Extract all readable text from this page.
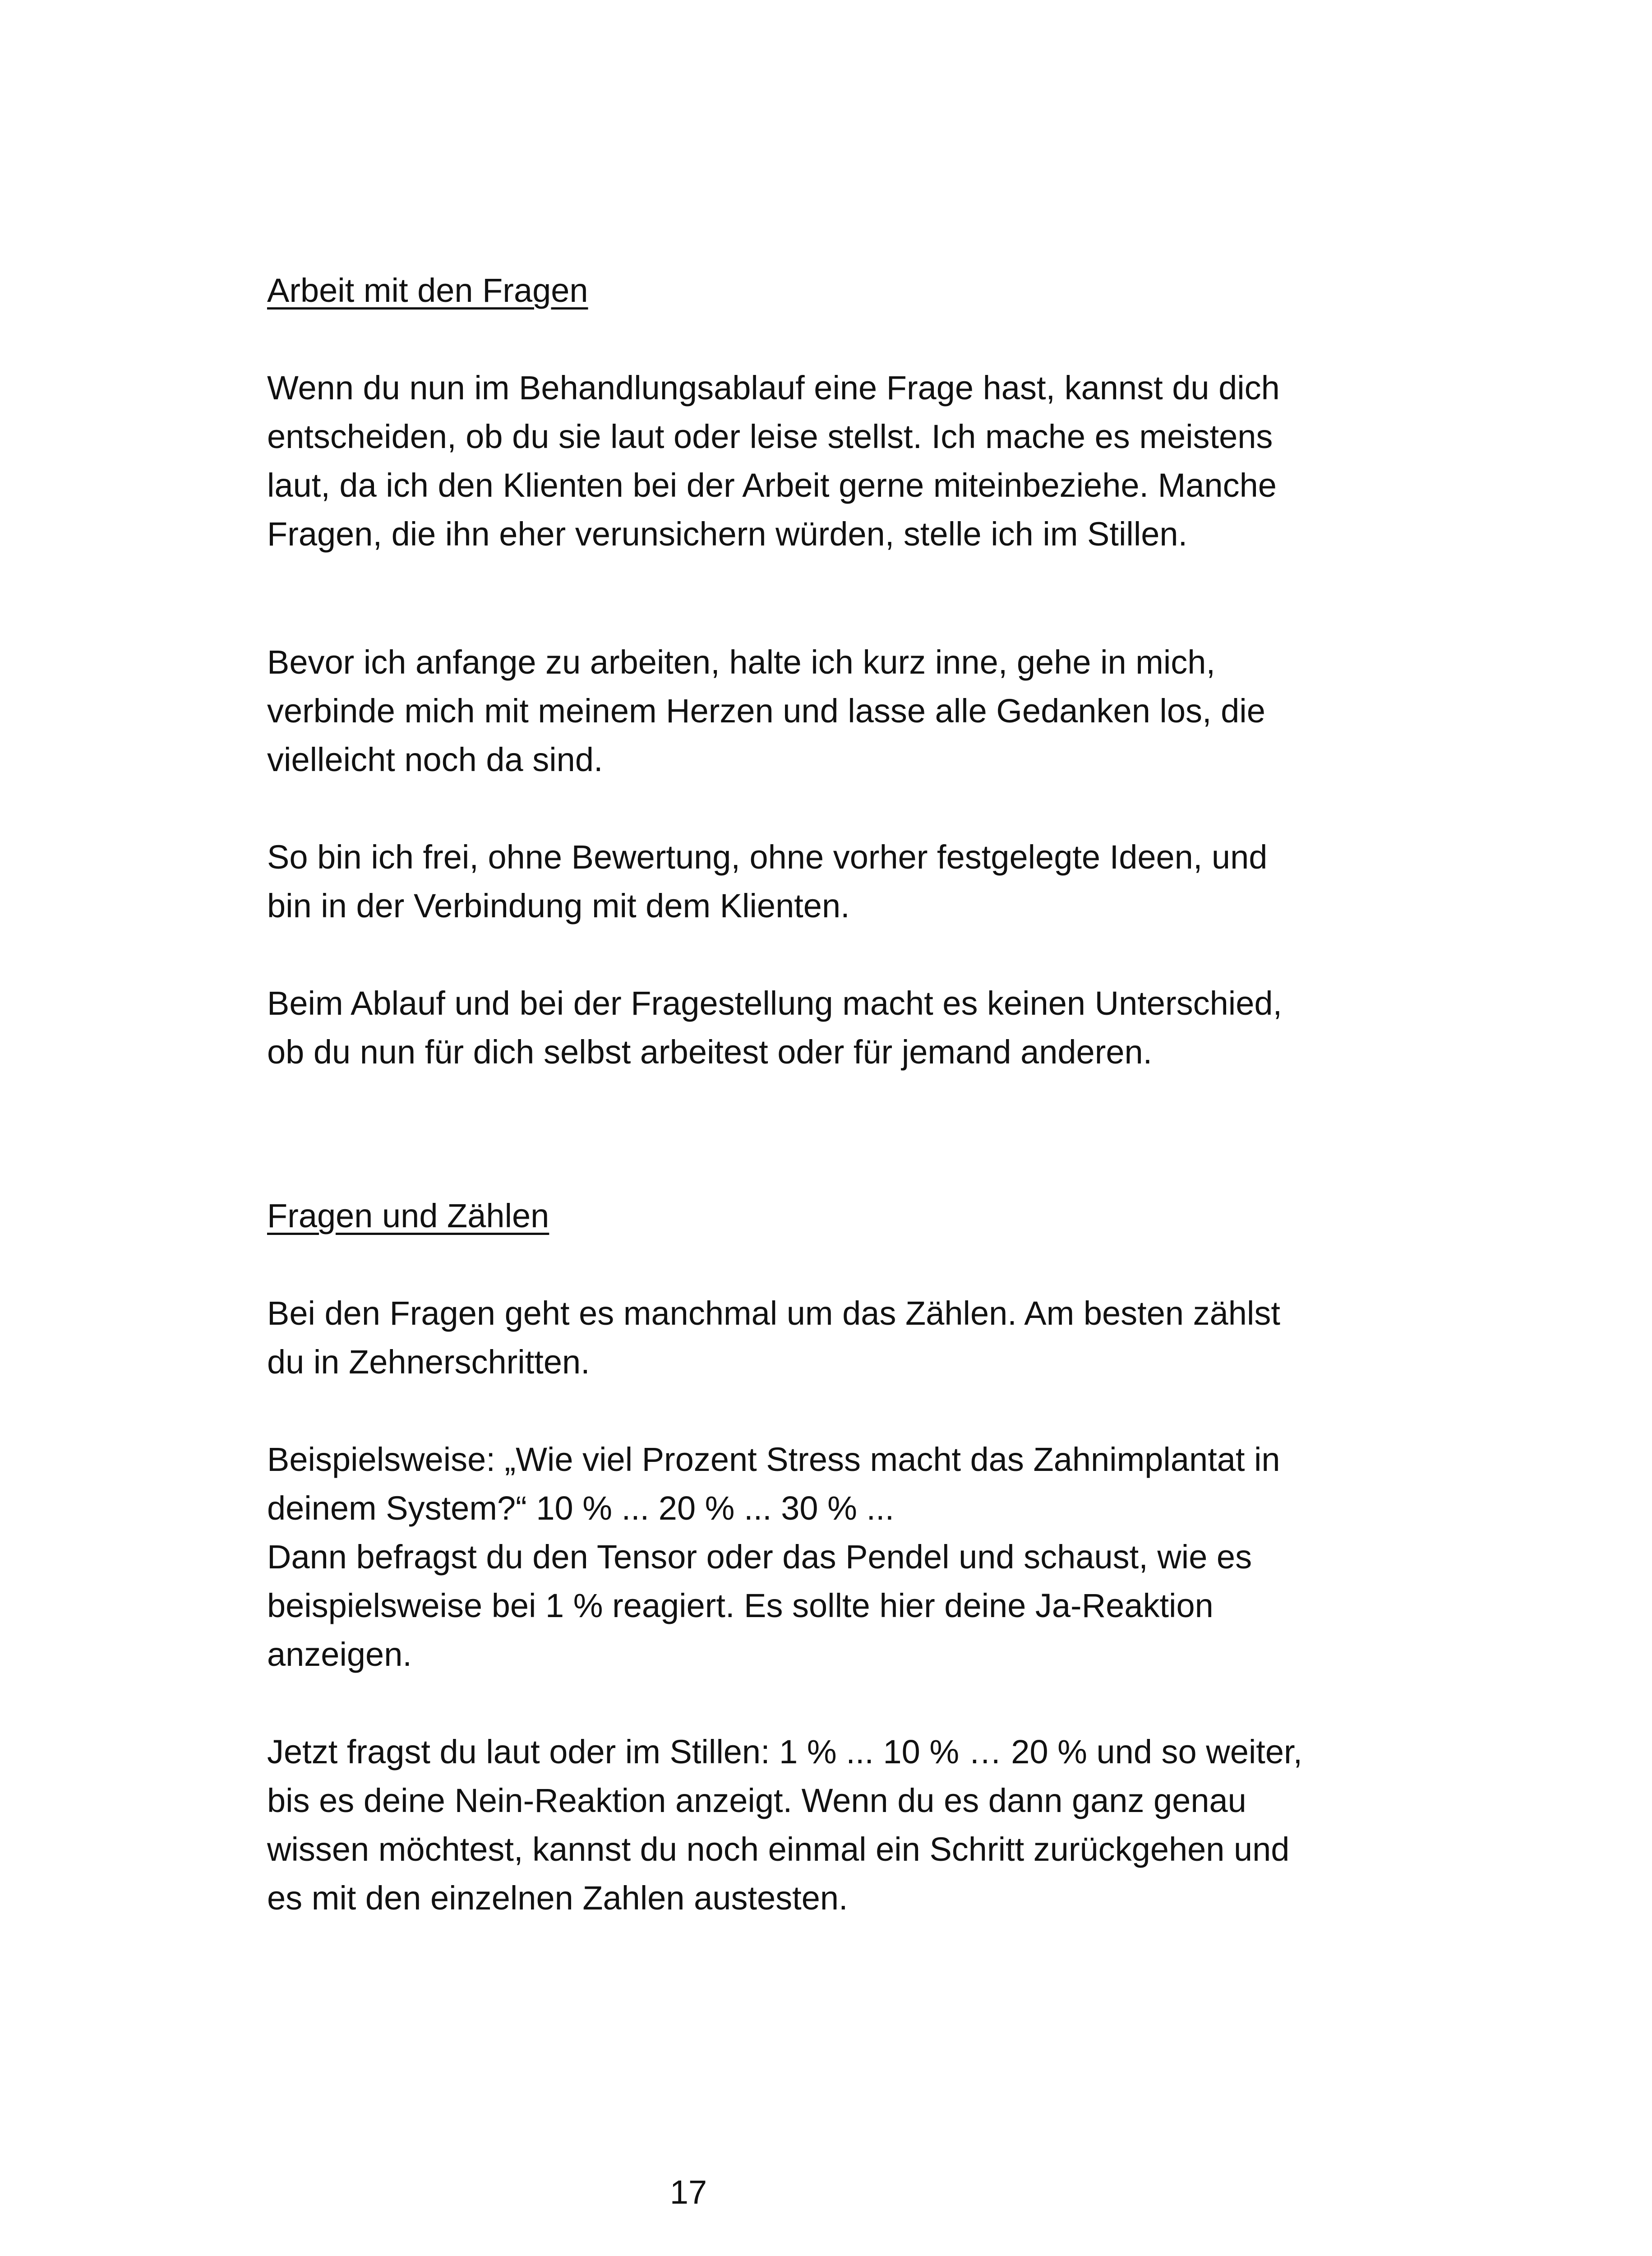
Arbeit mit den Fragen

Wenn du nun im Behandlungsablauf eine Frage hast, kannst du dich
entscheiden, ob du sie laut oder leise stellst. Ich mache es meistens
laut, da ich den Klienten bei der Arbeit gerne miteinbeziehe. Manche
Fragen, die ihn eher verunsichern würden, stelle ich im Stillen.

Bevor ich anfange zu arbeiten, halte ich kurz inne, gehe in mich,
verbinde mich mit meinem Herzen und lasse alle Gedanken los, die
vielleicht noch da sind.

So bin ich frei, ohne Bewertung, ohne vorher festgelegte Ideen, und
bin in der Verbindung mit dem Klienten.

Beim Ablauf und bei der Fragestellung macht es keinen Unterschied,
ob du nun für dich selbst arbeitest oder für jemand anderen.

Fragen und Zählen

Bei den Fragen geht es manchmal um das Zählen. Am besten zählst
du in Zehnerschritten.

Beispielsweise: „Wie viel Prozent Stress macht das Zahnimplantat in
deinem System?“ 10 % ... 20 % ... 30 % ...
Dann befragst du den Tensor oder das Pendel und schaust, wie es
beispielsweise bei 1 % reagiert. Es sollte hier deine Ja-Reaktion
anzeigen.

Jetzt fragst du laut oder im Stillen: 1 % ... 10 % … 20 % und so weiter,
bis es deine Nein-Reaktion anzeigt. Wenn du es dann ganz genau
wissen möchtest, kannst du noch einmal ein Schritt zurückgehen und
es mit den einzelnen Zahlen austesten.

17
